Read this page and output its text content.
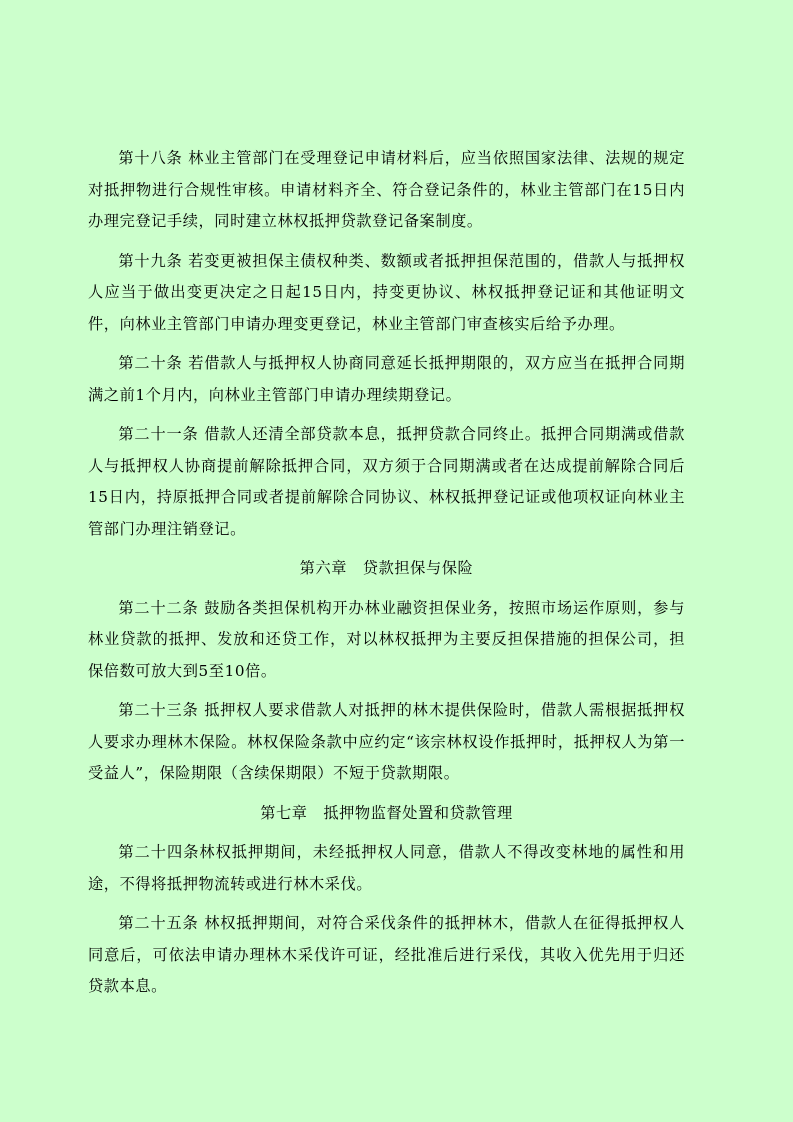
第十八条 林业主管部门在受理登记申请材料后，应当依照国家法律、法规的规定对抵押物进行合规性审核。申请材料齐全、符合登记条件的，林业主管部门在15日内办理完登记手续，同时建立林权抵押贷款登记备案制度。

第十九条 若变更被担保主债权种类、数额或者抵押担保范围的，借款人与抵押权人应当于做出变更决定之日起15日内，持变更协议、林权抵押登记证和其他证明文件，向林业主管部门申请办理变更登记，林业主管部门审查核实后给予办理。

第二十条 若借款人与抵押权人协商同意延长抵押期限的，双方应当在抵押合同期满之前1个月内，向林业主管部门申请办理续期登记。

第二十一条 借款人还清全部贷款本息，抵押贷款合同终止。抵押合同期满或借款人与抵押权人协商提前解除抵押合同，双方须于合同期满或者在达成提前解除合同后15日内，持原抵押合同或者提前解除合同协议、林权抵押登记证或他项权证向林业主管部门办理注销登记。

第六章　贷款担保与保险

第二十二条 鼓励各类担保机构开办林业融资担保业务，按照市场运作原则，参与林业贷款的抵押、发放和还贷工作，对以林权抵押为主要反担保措施的担保公司，担保倍数可放大到5至10倍。

第二十三条 抵押权人要求借款人对抵押的林木提供保险时，借款人需根据抵押权人要求办理林木保险。林权保险条款中应约定“该宗林权设作抵押时，抵押权人为第一受益人”，保险期限（含续保期限）不短于贷款期限。

第七章　抵押物监督处置和贷款管理

第二十四条林权抵押期间，未经抵押权人同意，借款人不得改变林地的属性和用途，不得将抵押物流转或进行林木采伐。

第二十五条 林权抵押期间，对符合采伐条件的抵押林木，借款人在征得抵押权人同意后，可依法申请办理林木采伐许可证，经批准后进行采伐，其收入优先用于归还贷款本息。
